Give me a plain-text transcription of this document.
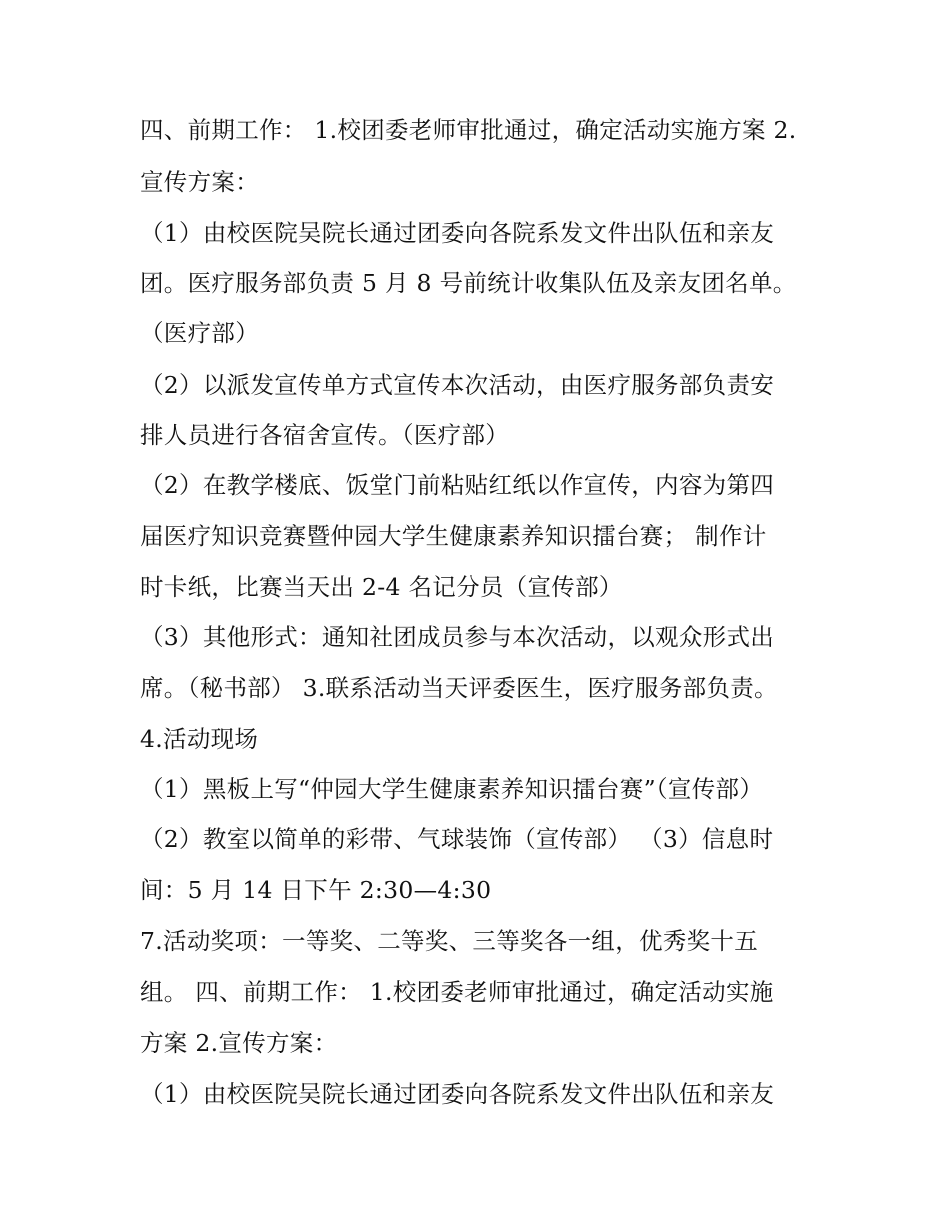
四、前期工作： 1.校团委老师审批通过，确定活动实施方案 2.
宣传方案：
（1）由校医院吴院长通过团委向各院系发文件出队伍和亲友
团。医疗服务部负责 5 月 8 号前统计收集队伍及亲友团名单。
（医疗部）
（2）以派发宣传单方式宣传本次活动，由医疗服务部负责安
排人员进行各宿舍宣传。（医疗部）
（2）在教学楼底、饭堂门前粘贴红纸以作宣传，内容为第四
届医疗知识竞赛暨仲园大学生健康素养知识擂台赛； 制作计
时卡纸，比赛当天出 2-4 名记分员（宣传部）
（3）其他形式：通知社团成员参与本次活动，以观众形式出
席。（秘书部） 3.联系活动当天评委医生，医疗服务部负责。
4.活动现场
（1）黑板上写“仲园大学生健康素养知识擂台赛”（宣传部）
（2）教室以简单的彩带、气球装饰（宣传部） （3）信息时
间：5 月 14 日下午 2:30—4:30
7.活动奖项：一等奖、二等奖、三等奖各一组，优秀奖十五
组。 四、前期工作： 1.校团委老师审批通过，确定活动实施
方案 2.宣传方案：
（1）由校医院吴院长通过团委向各院系发文件出队伍和亲友
